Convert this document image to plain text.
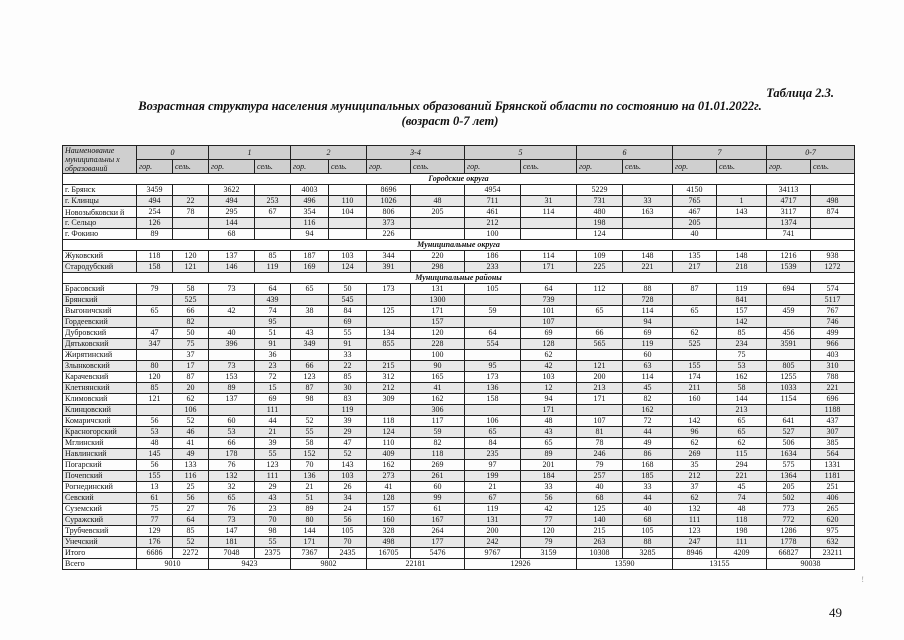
Таблица 2.3.
Возрастная структура населения муниципальных образований Брянской области по состоянию на 01.01.2022г.
(возраст 0-7 лет)
Наименование муниципальны х образований	0		1		2		3-4		5		6		7		0-7	
	гор.	сель.	гор.	сель.	гор.	сель.	гор.	сель.	гор.	сель.	гор.	сель.	гор.	сель.	гор.	сель.
Городские округа																
г. Брянск	3459		3622		4003		8696		4954		5229		4150		34113	
г. Клинцы	494	22	494	253	496	110	1026	48	711	31	731	33	765	1	4717	498
Новозыбковски й	254	78	295	67	354	104	806	205	461	114	480	163	467	143	3117	874
г. Сельцо	126		144		116		373		212		198		205		1374	
г. Фокино	89		68		94		226		100		124		40		741	
Муниципальные округа																
Жуковский	118	120	137	85	187	103	344	220	186	114	109	148	135	148	1216	938
Стародубский	158	121	146	119	169	124	391	298	233	171	225	221	217	218	1539	1272
Муниципальные районы																
Брасовский	79	58	73	64	65	50	173	131	105	64	112	88	87	119	694	574
Брянский		525		439		545		1300		739		728		841		5117
Выгоничский	65	66	42	74	38	84	125	171	59	101	65	114	65	157	459	767
Гордеевский		82		95		69		157		107		94		142		746
Дубровский	47	50	40	51	43	55	134	120	64	69	66	69	62	85	456	499
Дятьковский	347	75	396	91	349	91	855	228	554	128	565	119	525	234	3591	966
Жирятинский		37		36		33		100		62		60		75		403
Злынковский	80	17	73	23	66	22	215	90	95	42	121	63	155	53	805	310
Карачевский	120	87	153	72	123	85	312	165	173	103	200	114	174	162	1255	788
Клетнянский	85	20	89	15	87	30	212	41	136	12	213	45	211	58	1033	221
Климовский	121	62	137	69	98	83	309	162	158	94	171	82	160	144	1154	696
Клинцовский		106		111		119		306		171		162		213		1188
Комаричский	56	52	60	44	52	39	118	117	106	48	107	72	142	65	641	437
Красногорский	53	46	53	21	55	29	124	59	65	43	81	44	96	65	527	307
Мглинский	48	41	66	39	58	47	110	82	84	65	78	49	62	62	506	385
Навлинский	145	49	178	55	152	52	409	118	235	89	246	86	269	115	1634	564
Погарский	56	133	76	123	70	143	162	269	97	201	79	168	35	294	575	1331
Почепский	155	116	132	111	136	103	273	261	199	184	257	185	212	221	1364	1181
Рогнединский	13	25	32	29	21	26	41	60	21	33	40	33	37	45	205	251
Севский	61	56	65	43	51	34	128	99	67	56	68	44	62	74	502	406
Суземский	75	27	76	23	89	24	157	61	119	42	125	40	132	48	773	265
Суражский	77	64	73	70	80	56	160	167	131	77	140	68	111	118	772	620
Трубчевский	129	85	147	98	144	105	328	264	200	120	215	105	123	198	1286	975
Унечский	176	52	181	55	171	70	498	177	242	79	263	88	247	111	1778	632
Итого	6686	2272	7048	2375	7367	2435	16705	5476	9767	3159	10308	3285	8946	4209	66827	23211
Всего	9010		9423		9802		22181		12926		13590		13155		90038	
!
49
